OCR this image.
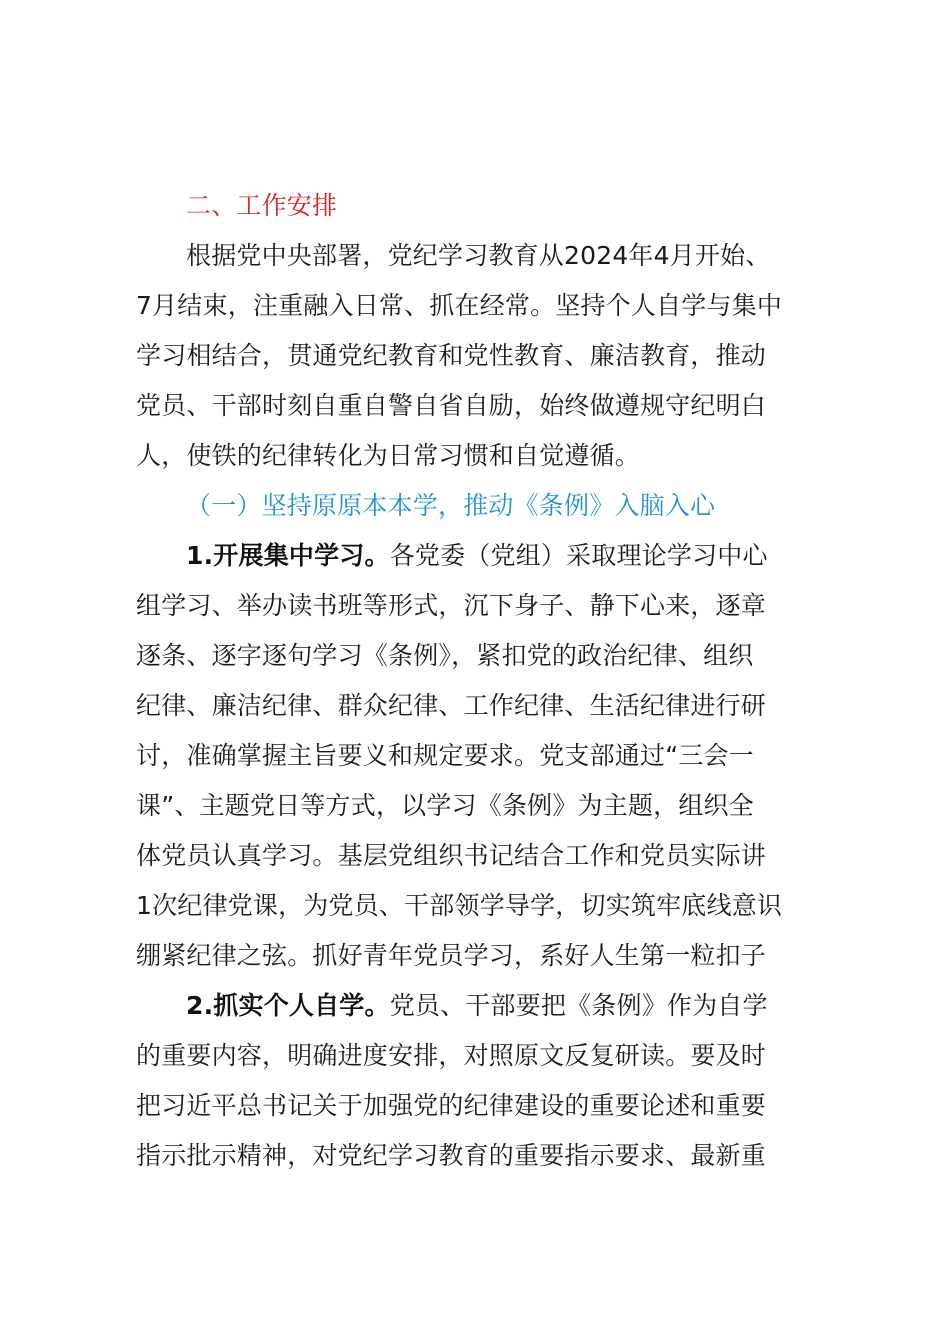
二、工作安排
根据党中央部署，党纪学习教育从2024年4月开始、
7月结束，注重融入日常、抓在经常。坚持个人自学与集中
学习相结合，贯通党纪教育和党性教育、廉洁教育，推动
党员、干部时刻自重自警自省自励，始终做遵规守纪明白
人，使铁的纪律转化为日常习惯和自觉遵循。
（一）坚持原原本本学，推动《条例》入脑入心
1.开展集中学习。各党委（党组）采取理论学习中心
组学习、举办读书班等形式，沉下身子、静下心来，逐章
逐条、逐字逐句学习《条例》，紧扣党的政治纪律、组织
纪律、廉洁纪律、群众纪律、工作纪律、生活纪律进行研
讨，准确掌握主旨要义和规定要求。党支部通过“三会一
课”、主题党日等方式，以学习《条例》为主题，组织全
体党员认真学习。基层党组织书记结合工作和党员实际讲
1次纪律党课，为党员、干部领学导学，切实筑牢底线意识
绷紧纪律之弦。抓好青年党员学习，系好人生第一粒扣子
2.抓实个人自学。党员、干部要把《条例》作为自学
的重要内容，明确进度安排，对照原文反复研读。要及时
把习近平总书记关于加强党的纪律建设的重要论述和重要
指示批示精神，对党纪学习教育的重要指示要求、最新重
